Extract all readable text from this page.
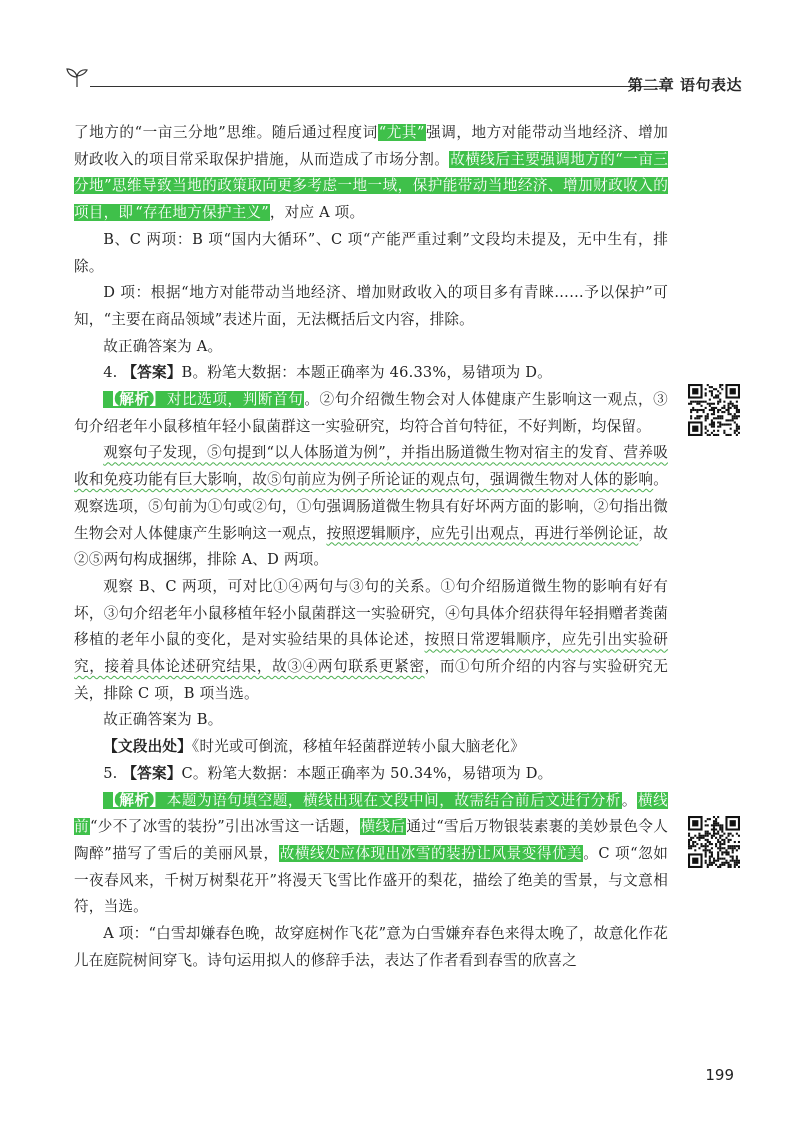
第二章 语句表达

了地方的“一亩三分地”思维。随后通过程度词“尤其”强调，地方对能带动当地经济、增加财政收入的项目常采取保护措施，从而造成了市场分割。故横线后主要强调地方的“一亩三分地”思维导致当地的政策取向更多考虑一地一域，保护能带动当地经济、增加财政收入的项目，即 “存在地方保护主义”，对应 A 项。

B、C 两项：B 项“国内大循环”、C 项“产能严重过剩”文段均未提及，无中生有，排除。

D 项：根据“地方对能带动当地经济、增加财政收入的项目多有青睐……予以保护”可知，“主要在商品领域”表述片面，无法概括后文内容，排除。

故正确答案为 A。

4. 【答案】B。粉笔大数据：本题正确率为 46.33%，易错项为 D。

【解析】 对比选项，判断首句。②句介绍微生物会对人体健康产生影响这一观点，③句介绍老年小鼠移植年轻小鼠菌群这一实验研究，均符合首句特征，不好判断，均保留。

观察句子发现，⑤句提到“以人体肠道为例”，并指出肠道微生物对宿主的发育、营养吸收和免疫功能有巨大影响，故⑤句前应为例子所论证的观点句，强调微生物对人体的影响。观察选项，⑤句前为①句或②句，①句强调肠道微生物具有好坏两方面的影响，②句指出微生物会对人体健康产生影响这一观点，按照逻辑顺序，应先引出观点，再进行举例论证，故②⑤两句构成捆绑，排除 A、D 两项。

观察 B、C 两项，可对比①④两句与③句的关系。①句介绍肠道微生物的影响有好有坏，③句介绍老年小鼠移植年轻小鼠菌群这一实验研究，④句具体介绍获得年轻捐赠者粪菌移植的老年小鼠的变化，是对实验结果的具体论述，按照日常逻辑顺序，应先引出实验研究，接着具体论述研究结果，故③④两句联系更紧密，而①句所介绍的内容与实验研究无关，排除 C 项，B 项当选。

故正确答案为 B。

【文段出处】《时光或可倒流，移植年轻菌群逆转小鼠大脑老化》

5. 【答案】C。粉笔大数据：本题正确率为 50.34%，易错项为 D。

【解析】 本题为语句填空题，横线出现在文段中间，故需结合前后文进行分析。横线前“少不了冰雪的装扮”引出冰雪这一话题，横线后通过“雪后万物银装素裹的美妙景色令人陶醉”描写了雪后的美丽风景，故横线处应体现出冰雪的装扮让风景变得优美。C 项“忽如一夜春风来，千树万树梨花开”将漫天飞雪比作盛开的梨花，描绘了绝美的雪景，与文意相符，当选。

A 项：“白雪却嫌春色晚，故穿庭树作飞花”意为白雪嫌弃春色来得太晚了，故意化作花儿在庭院树间穿飞。诗句运用拟人的修辞手法，表达了作者看到春雪的欣喜之

199
